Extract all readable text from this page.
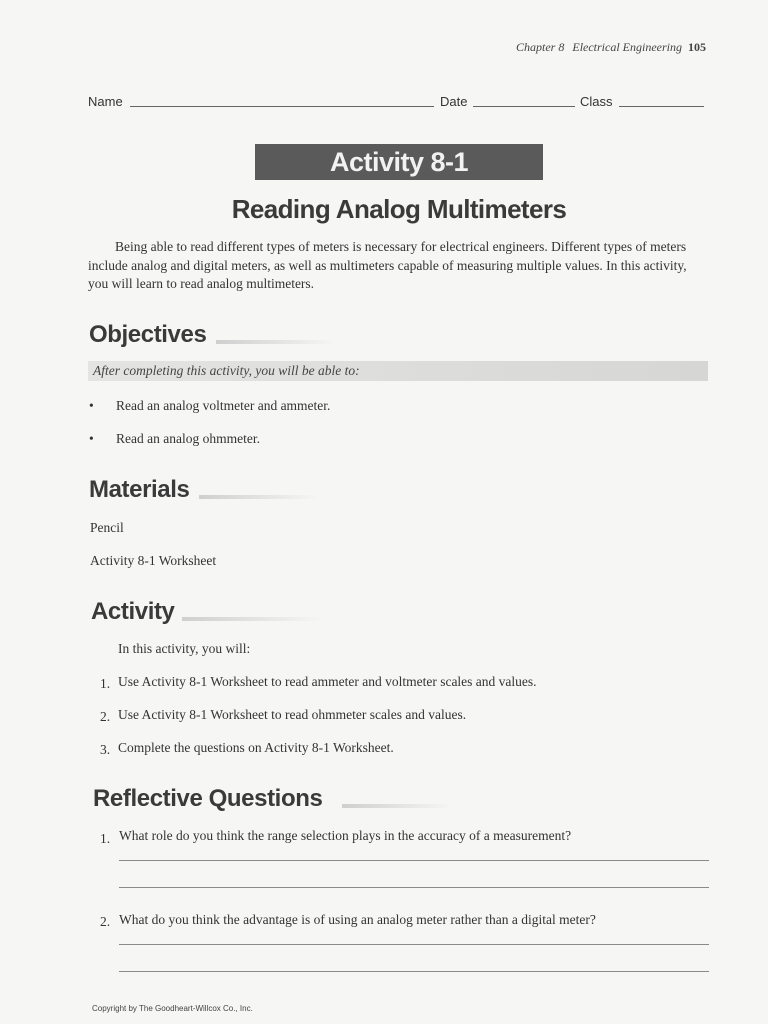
Chapter 8 Electrical Engineering 105
Name	Date	Class
Activity 8-1
Reading Analog Multimeters
Being able to read different types of meters is necessary for electrical engineers. Different types of meters include analog and digital meters, as well as multimeters capable of measuring multiple values. In this activity, you will learn to read analog multimeters.
Objectives
After completing this activity, you will be able to:
• Read an analog voltmeter and ammeter.
• Read an analog ohmmeter.
Materials
Pencil
Activity 8-1 Worksheet
Activity
In this activity, you will:
1. Use Activity 8-1 Worksheet to read ammeter and voltmeter scales and values.
2. Use Activity 8-1 Worksheet to read ohmmeter scales and values.
3. Complete the questions on Activity 8-1 Worksheet.
Reflective Questions
1. What role do you think the range selection plays in the accuracy of a measurement?
2. What do you think the advantage is of using an analog meter rather than a digital meter?
Copyright by The Goodheart-Willcox Co., Inc.
